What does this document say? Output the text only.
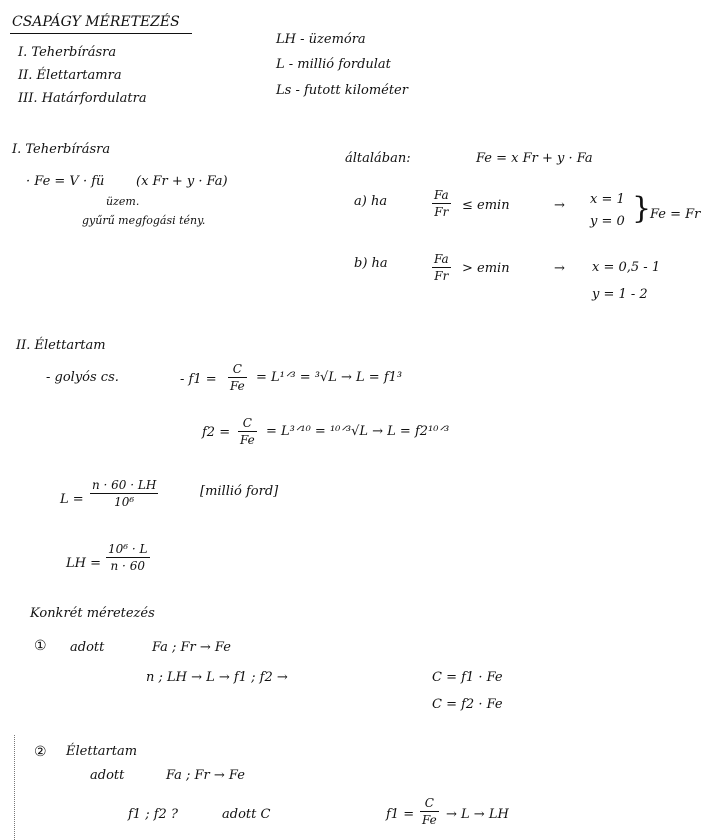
CSAPÁGY MÉRETEZÉS
I. Teherbírásra
II. Élettartamra
III. Határfordulatra
LH - üzemóra
L - millió fordulat
Ls - futott kilométer
I. Teherbírásra
· Fe = V · fü (x Fr + y · Fa)
üzem.
gyűrű megfogási tény.
általában:	Fe = x Fr + y · Fa
a) ha	Fa
Fr ≤ emin	→ x = 1
y = 0 }
Fe = Fr
b) ha	Fa
Fr > emin	→ x = 0,5 - 1
y = 1 - 2
II. Élettartam
- golyós cs.	- f1 =
C
Fe
= L¹ᐟ³ = ³√L → L = f1³
f2 =
C
Fe
= L³ᐟ¹⁰ = ¹⁰ᐟ³√L → L = f2¹⁰ᐟ³
L =
n · 60 · LH
10⁶
[millió ford]
LH =
10⁶ · L
n · 60
Konkrét méretezés
① adott	Fa ; Fr → Fe
n ; LH → L → f1 ; f2 →	C = f1 · Fe
C = f2 · Fe
② Élettartam
adott	Fa ; Fr → Fe
f1 ; f2 ?	adott C	f1 =
C
Fe → L → LH
